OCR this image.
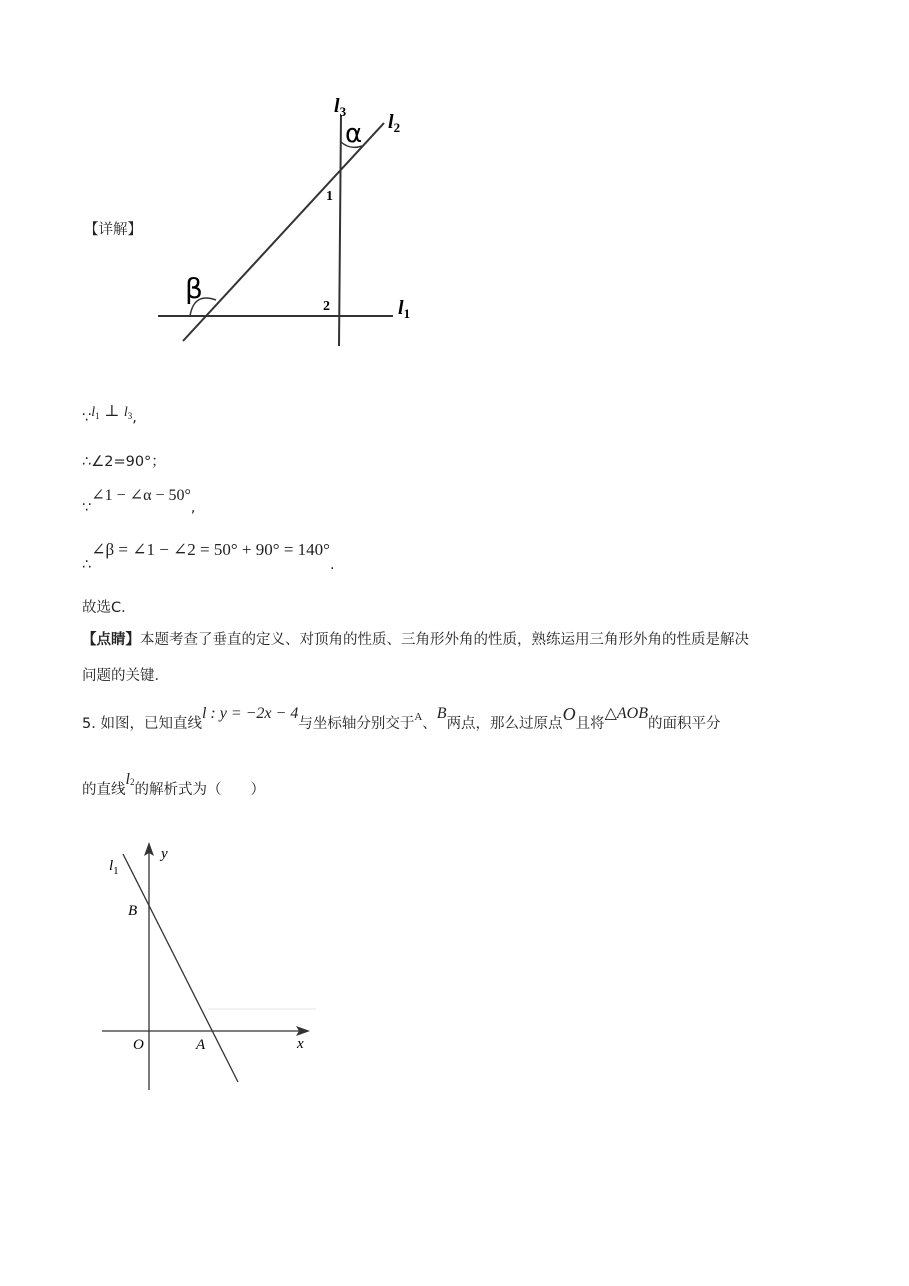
$l_3$ $l_2$
$l_1$
α
β
1
2
【详解】
$\because l_1$ ⊥ $l_3$,
∴∠2=90°；
∵∠1 − ∠α − 50°,
∴∠β = ∠1 − ∠2 = 50° + 90° = 140°.
故选C．
【点睛】本题考查了垂直的定义、对顶角的性质、三角形外角的性质，熟练运用三角形外角的性质是解决
问题的关键．
5. 如图，已知直线l : y = −2x − 4与坐标轴分别交于$^A$、B两点，那么过原点O且将△AOB的面积平分
的直线$l^2$的解析式为（　　）
$l_1$
y
x
B
O	A
